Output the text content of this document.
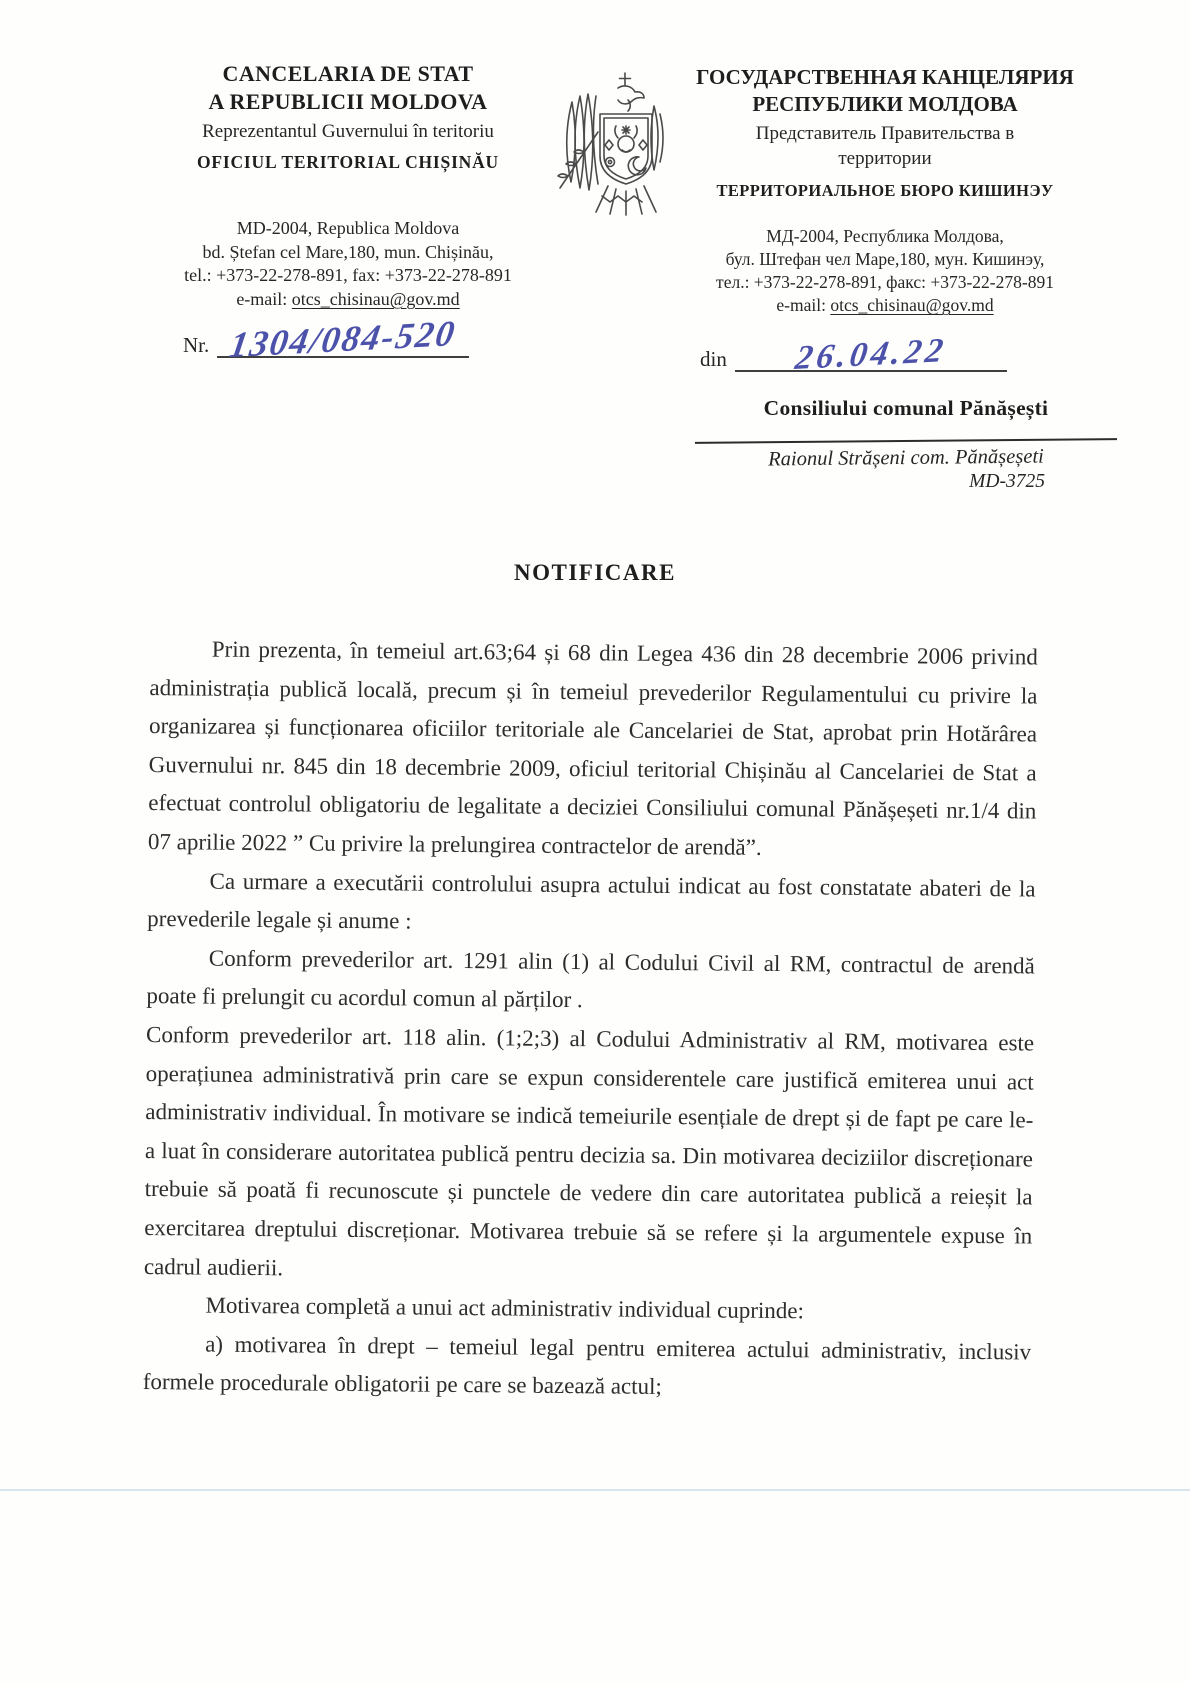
CANCELARIA DE STAT
A REPUBLICII MOLDOVA
Reprezentantul Guvernului în teritoriu
OFICIUL TERITORIAL CHIȘINĂU
MD-2004, Republica Moldova
bd. Ștefan cel Mare,180, mun. Chișinău,
tel.: +373-22-278-891, fax: +373-22-278-891
e-mail: otcs_chisinau@gov.md
ГОСУДАРСТВЕННАЯ КАНЦЕЛЯРИЯ
РЕСПУБЛИКИ МОЛДОВА
Представитель Правительства в территории
ТЕРРИТОРИАЛЬНОЕ БЮРО КИШИНЭУ
МД-2004, Республика Молдова,
бул. Штефан чел Маре,180, мун. Кишинэу,
тел.: +373-22-278-891, факс: +373-22-278-891
e-mail: otcs_chisinau@gov.md
Nr. 1304/084-520	din 26.04.22
Consiliului comunal Pănășești
Raionul Strășeni com. Pănășeșeti
MD-3725
NOTIFICARE

Prin prezenta, în temeiul art.63;64 și 68 din Legea 436 din 28 decembrie 2006 privind administrația publică locală, precum și în temeiul prevederilor Regulamentului cu privire la organizarea și funcționarea oficiilor teritoriale ale Cancelariei de Stat, aprobat prin Hotărârea Guvernului nr. 845 din 18 decembrie 2009, oficiul teritorial Chișinău al Cancelariei de Stat a efectuat controlul obligatoriu de legalitate a deciziei Consiliului comunal Pănășeșeti nr.1/4 din 07 aprilie 2022 ” Cu privire la prelungirea contractelor de arendă”.

Ca urmare a executării controlului asupra actului indicat au fost constatate abateri de la prevederile legale și anume :

Conform prevederilor art. 1291 alin (1) al Codului Civil al RM, contractul de arendă poate fi prelungit cu acordul comun al părților .

Conform prevederilor art. 118 alin. (1;2;3) al Codului Administrativ al RM, motivarea este operațiunea administrativă prin care se expun considerentele care justifică emiterea unui act administrativ individual. În motivare se indică temeiurile esențiale de drept și de fapt pe care le-a luat în considerare autoritatea publică pentru decizia sa. Din motivarea deciziilor discreționare trebuie să poată fi recunoscute și punctele de vedere din care autoritatea publică a reieșit la exercitarea dreptului discreționar. Motivarea trebuie să se refere și la argumentele expuse în cadrul audierii.

Motivarea completă a unui act administrativ individual cuprinde:

a) motivarea în drept – temeiul legal pentru emiterea actului administrativ, inclusiv formele procedurale obligatorii pe care se bazează actul;
